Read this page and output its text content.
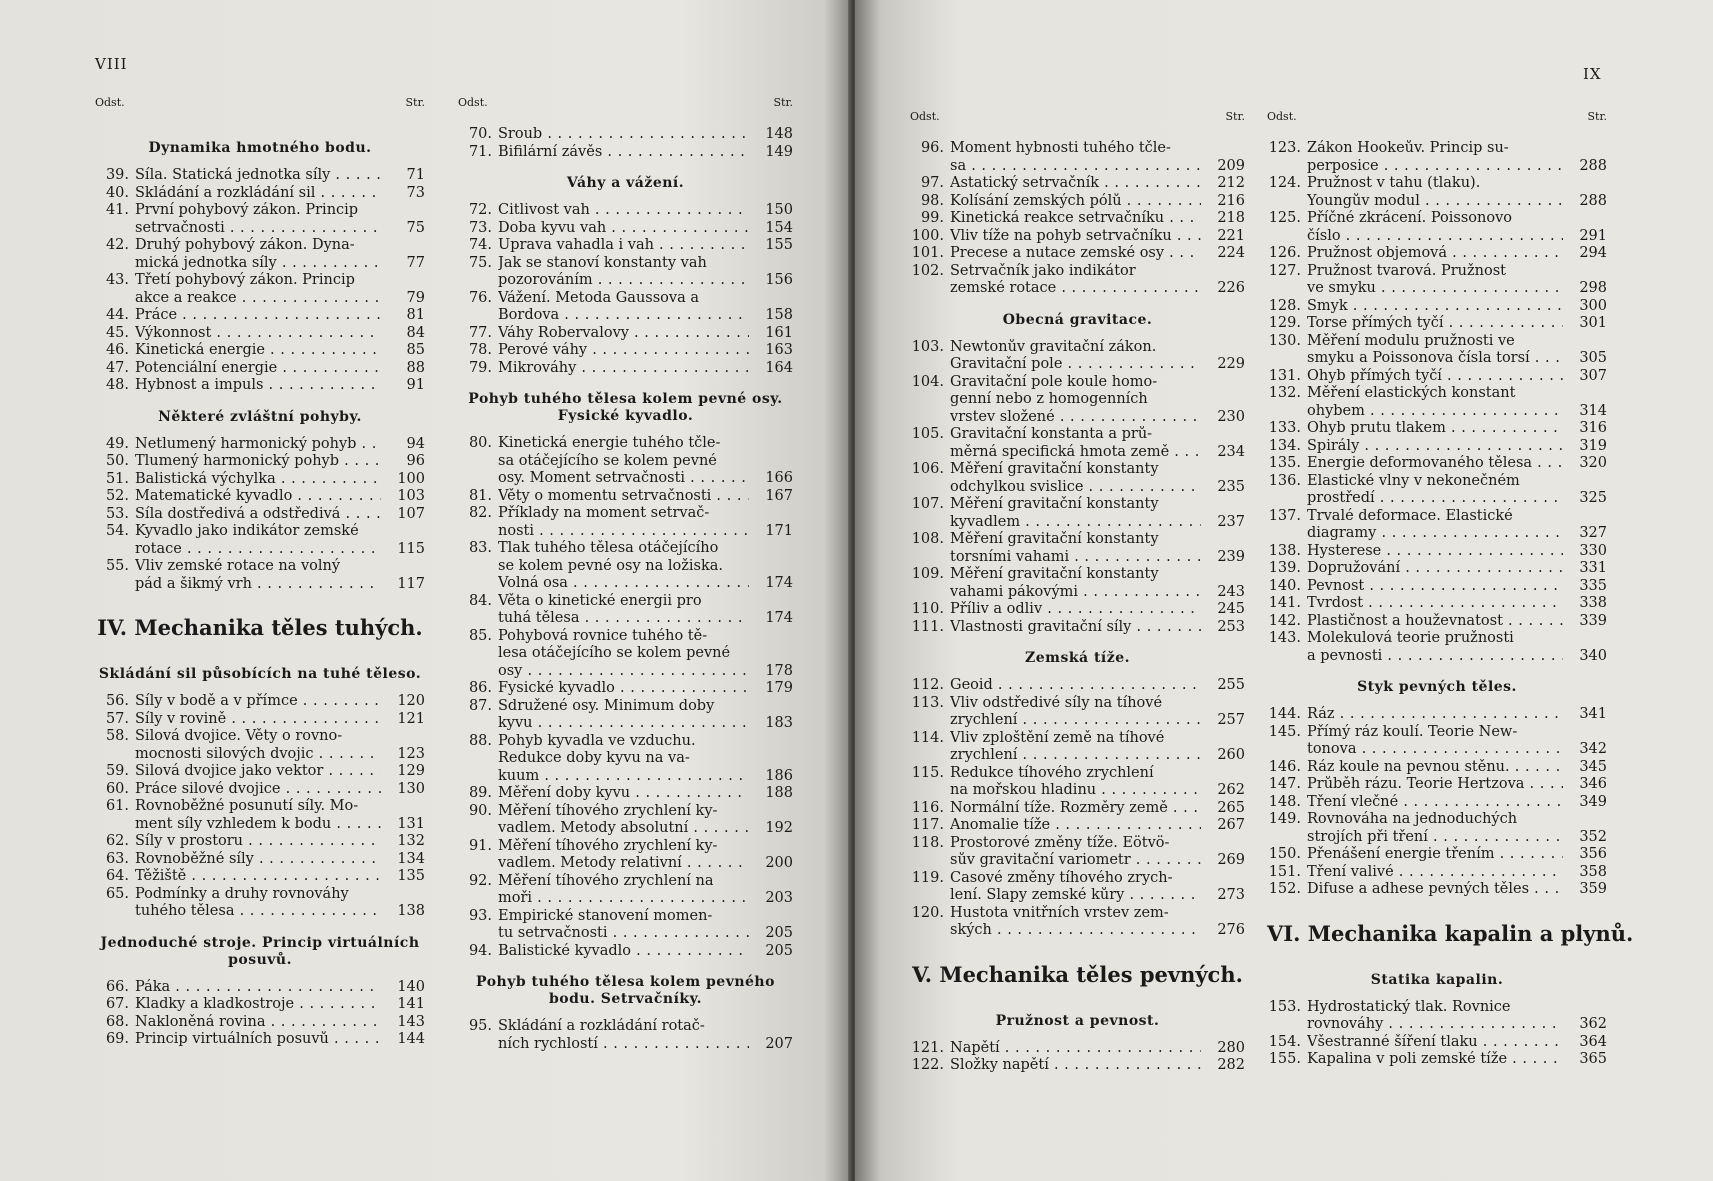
VIII
Odst.	Str.
Dynamika hmotného bodu.
39. Síla. Statická jednotka síly . . .	71
40. Skládání a rozkládání sil . . .	73
41. První pohybový zákon. Princip
setrvačnosti . . .	75
42. Druhý pohybový zákon. Dyna-
mická jednotka síly . . .	77
43. Třetí pohybový zákon. Princip
akce a reakce . . .	79
44. Práce . . .	81
45. Výkonnost . . .	84
46. Kinetická energie . . .	85
47. Potenciální energie . . .	88
48. Hybnost a impuls . . .	91
Některé zvláštní pohyby.
49. Netlumený harmonický pohyb . . .	94
50. Tlumený harmonický pohyb . . .	96
51. Balistická výchylka . . .	100
52. Matematické kyvadlo . . .	103
53. Síla dostředivá a odstředivá . . .	107
54. Kyvadlo jako indikátor zemské
rotace . . .	115
55. Vliv zemské rotace na volný
pád a šikmý vrh . . .	117
IV. Mechanika těles tuhých.
Skládání sil působících na tuhé těleso.
56. Síly v bodě a v přímce . . .	120
57. Síly v rovině . . .	121
58. Silová dvojice. Věty o rovno-
mocnosti silových dvojic . . .	123
59. Silová dvojice jako vektor . . .	129
60. Práce silové dvojice . . .	130
61. Rovnoběžné posunutí síly. Mo-
ment síly vzhledem k bodu . . .	131
62. Síly v prostoru . . .	132
63. Rovnoběžné síly . . .	134
64. Těžiště . . .	135
65. Podmínky a druhy rovnováhy
tuhého tělesa . . .	138
Jednoduché stroje. Princip virtuálních posuvů.
66. Páka . . .	140
67. Kladky a kladkostroje . . .	141
68. Nakloněná rovina . . .	143
69. Princip virtuálních posuvů . . .	144
Odst.	Str.
70. Šroub . . .	148
71. Bifilární závěs . . .	149
Váhy a vážení.
72. Citlivost vah . . .	150
73. Doba kyvu vah . . .	154
74. Úprava vahadla i vah . . .	155
75. Jak se stanoví konstanty vah
pozorováním . . .	156
76. Vážení. Metoda Gaussova a
Bordova . . .	158
77. Váhy Robervalovy . . .	161
78. Perové váhy . . .	163
79. Mikrováhy . . .	164
Pohyb tuhého tělesa kolem pevné osy. Fysické kyvadlo.
80. Kinetická energie tuhého tčle-
sa otáčejícího se kolem pevné
osy. Moment setrvačnosti . . .	166
81. Věty o momentu setrvačnosti . . .	167
82. Příklady na moment setrvač-
nosti . . .	171
83. Tlak tuhého tělesa otáčejícího
se kolem pevné osy na ložiska.
Volná osa . . .	174
84. Věta o kinetické energii pro
tuhá tělesa . . .	174
85. Pohybová rovnice tuhého tě-
lesa otáčejícího se kolem pevné
osy . . .	178
86. Fysické kyvadlo . . .	179
87. Sdružené osy. Minimum doby
kyvu . . .	183
88. Pohyb kyvadla ve vzduchu.
Redukce doby kyvu na va-
kuum . . .	186
89. Měření doby kyvu . . .	188
90. Měření tíhového zrychlení ky-
vadlem. Metody absolutní . . .	192
91. Měření tíhového zrychlení ky-
vadlem. Metody relativní . . .	200
92. Měření tíhového zrychlení na
moři . . .	203
93. Empirické stanovení momen-
tu setrvačnosti . . .	205
94. Balistické kyvadlo . . .	205
Pohyb tuhého tělesa kolem pevného bodu. Setrvačníky.
95. Skládání a rozkládání rotač-
ních rychlostí . . .	207
IX
Odst.	Str.
96. Moment hybnosti tuhého tčle-
sa . . .	209
97. Astatický setrvačník . . .	212
98. Kolísání zemských pólů . . .	216
99. Kinetická reakce setrvačníku . . .	218
100. Vliv tíže na pohyb setrvačníku . . .	221
101. Precese a nutace zemské osy . . .	224
102. Setrvačník jako indikátor
zemské rotace . . .	226
Obecná gravitace.
103. Newtonův gravitační zákon.
Gravitační pole . . .	229
104. Gravitační pole koule homo-
genní nebo z homogenních
vrstev složené . . .	230
105. Gravitační konstanta a prů-
měrná specifická hmota země . . .	234
106. Měření gravitační konstanty
odchylkou svislice . . .	235
107. Měření gravitační konstanty
kyvadlem . . .	237
108. Měření gravitační konstanty
torsními vahami . . .	239
109. Měření gravitační konstanty
vahami pákovými . . .	243
110. Příliv a odliv . . .	245
111. Vlastnosti gravitační síly . . .	253
Zemská tíže.
112. Geoid . . .	255
113. Vliv odstředivé síly na tíhové
zrychlení . . .	257
114. Vliv zploštění země na tíhové
zrychlení . . .	260
115. Redukce tíhového zrychlení
na mořskou hladinu . . .	262
116. Normální tíže. Rozměry země . . .	265
117. Anomalie tíže . . .	267
118. Prostorové změny tíže. Eötvö-
sův gravitační variometr . . .	269
119. Časové změny tíhového zrych-
lení. Slapy zemské kůry . . .	273
120. Hustota vnitřních vrstev zem-
ských . . .	276
V. Mechanika těles pevných.
Pružnost a pevnost.
121. Napětí . . .	280
122. Složky napětí . . .	282
Odst.	Str.
123. Zákon Hookeův. Princip su-
perposice . . .	288
124. Pružnost v tahu (tlaku).
Youngův modul . . .	288
125. Příčné zkrácení. Poissonovo
číslo . . .	291
126. Pružnost objemová . . .	294
127. Pružnost tvarová. Pružnost
ve smyku . . .	298
128. Smyk . . .	300
129. Torse přímých tyčí . . .	301
130. Měření modulu pružnosti ve
smyku a Poissonova čísla torsí . . .	305
131. Ohyb přímých tyčí . . .	307
132. Měření elastických konstant
ohybem . . .	314
133. Ohyb prutu tlakem . . .	316
134. Spirály . . .	319
135. Energie deformovaného tělesa . . .	320
136. Elastické vlny v nekonečném
prostředí . . .	325
137. Trvalé deformace. Elastické
diagramy . . .	327
138. Hysterese . . .	330
139. Dopružování . . .	331
140. Pevnost . . .	335
141. Tvrdost . . .	338
142. Plastičnost a houževnatost . . .	339
143. Molekulová teorie pružnosti
a pevnosti . . .	340
Styk pevných těles.
144. Ráz . . .	341
145. Přímý ráz koulí. Teorie New-
tonova . . .	342
146. Ráz koule na pevnou stěnu. . . .	345
147. Průběh rázu. Teorie Hertzova . . .	346
148. Tření vlečné . . .	349
149. Rovnováha na jednoduchých
strojích při tření . . .	352
150. Přenášení energie třením . . .	356
151. Tření valivé . . .	358
152. Difuse a adhese pevných těles . . .	359
VI. Mechanika kapalin a plynů.
Statika kapalin.
153. Hydrostatický tlak. Rovnice
rovnováhy . . .	362
154. Všestranné šíření tlaku . . .	364
155. Kapalina v poli zemské tíže . . .	365
